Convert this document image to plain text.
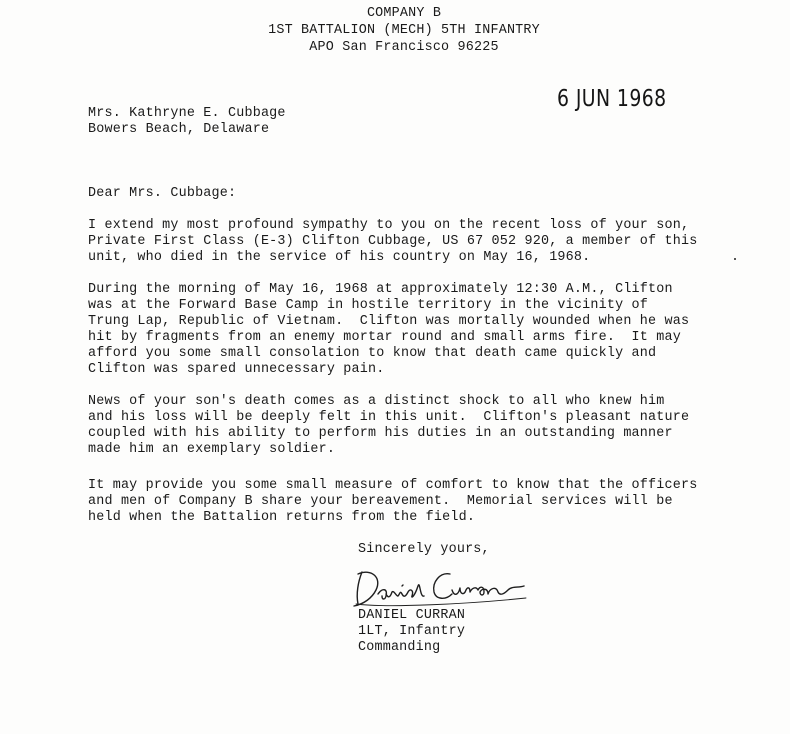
COMPANY B
1ST BATTALION (MECH) 5TH INFANTRY
APO San Francisco 96225
6 JUN 1968
Mrs. Kathryne E. Cubbage
Bowers Beach, Delaware
Dear Mrs. Cubbage:
I extend my most profound sympathy to you on the recent loss of your son,
Private First Class (E-3) Clifton Cubbage, US 67 052 920, a member of this
unit, who died in the service of his country on May 16, 1968.
During the morning of May 16, 1968 at approximately 12:30 A.M., Clifton
was at the Forward Base Camp in hostile territory in the vicinity of
Trung Lap, Republic of Vietnam.  Clifton was mortally wounded when he was
hit by fragments from an enemy mortar round and small arms fire.  It may
afford you some small consolation to know that death came quickly and
Clifton was spared unnecessary pain.
News of your son's death comes as a distinct shock to all who knew him
and his loss will be deeply felt in this unit.  Clifton's pleasant nature
coupled with his ability to perform his duties in an outstanding manner
made him an exemplary soldier.
It may provide you some small measure of comfort to know that the officers
and men of Company B share your bereavement.  Memorial services will be
held when the Battalion returns from the field.
Sincerely yours,
Daniel Curran
DANIEL CURRAN
1LT, Infantry
Commanding
